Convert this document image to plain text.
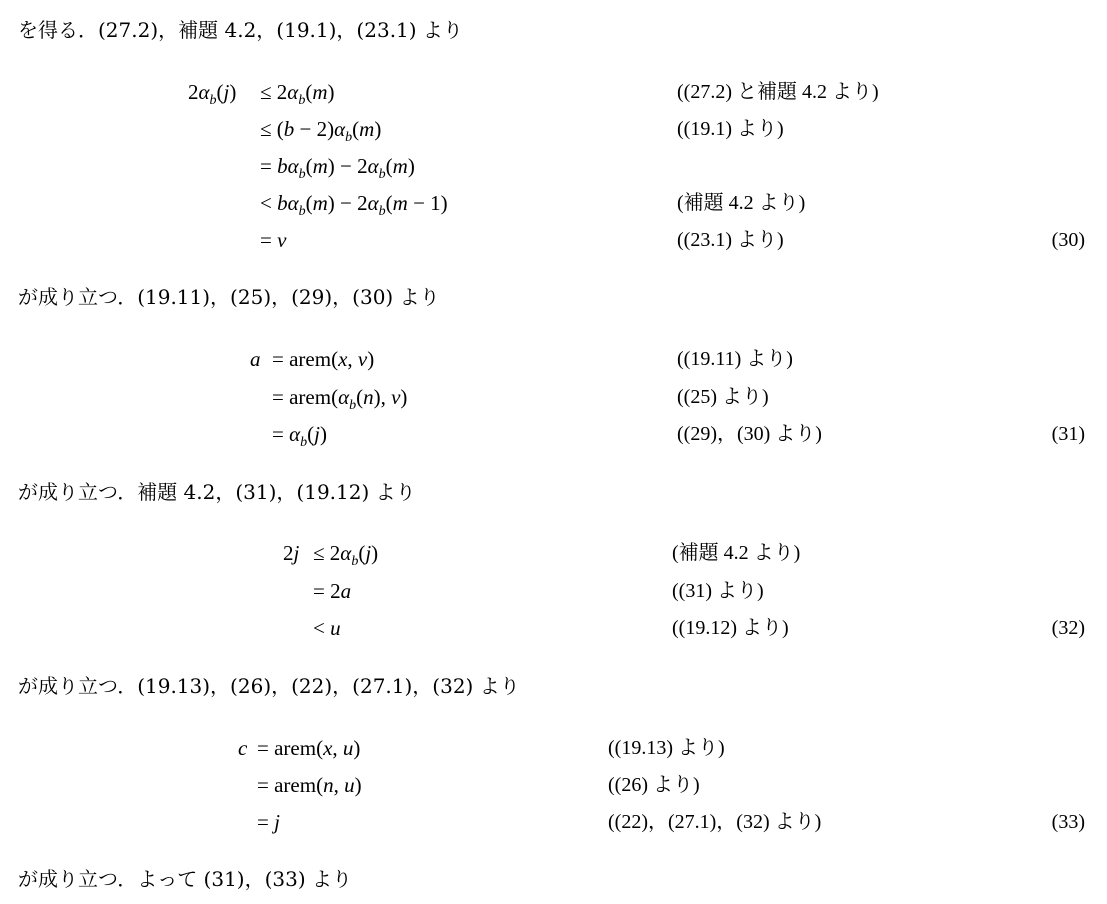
を得る．(27.2)，補題 4.2，(19.1)，(23.1) より
$2\alpha_b(j) \le 2\alpha_b(m)$	((27.2) と補題 4.2 より)
≤ $(b - 2)\alpha_b(m)$	((19.1) より)
= $b\alpha_b(m) - 2\alpha_b(m)$
< $b\alpha_b(m) - 2\alpha_b(m - 1)$	(補題 4.2 より)
= v	((23.1) より)	(30)
が成り立つ．(19.11)，(25)，(29)，(30) より
a = arem(x, v)	((19.11) より)
= $arem(\alpha_b(n)$, v)	((25) より)
= $\alpha_b(j)$	((29)，(30) より)	(31)
が成り立つ．補題 4.2，(31)，(19.12) より
$2j \le 2\alpha_b(j)$	(補題 4.2 より)
= 2a	((31) より)
< u	((19.12) より)	(32)
が成り立つ．(19.13)，(26)，(22)，(27.1)，(32) より
c = arem(x, u)	((19.13) より)
= arem(n, u)	((26) より)
= j	((22)，(27.1)，(32) より)	(33)
が成り立つ．よって (31)，(33) より
